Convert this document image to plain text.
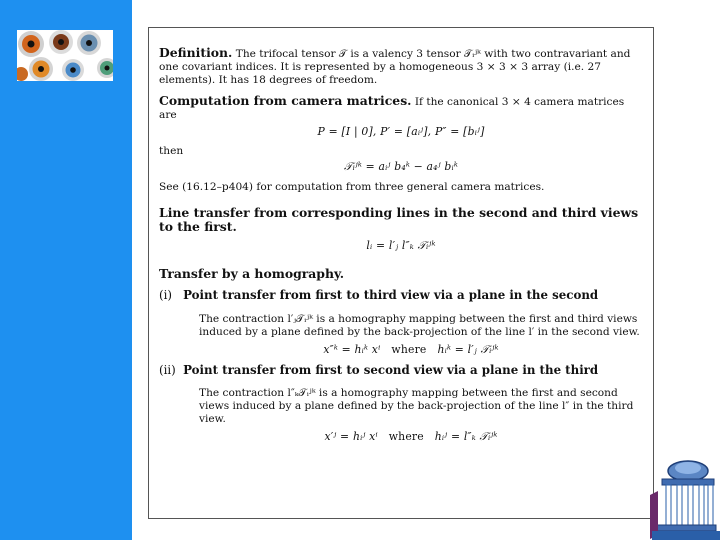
Definition. The trifocal tensor 𝒯 is a valency 3 tensor 𝒯ᵢʲᵏ with two contravariant and one covariant indices. It is represented by a homogeneous 3 × 3 × 3 array (i.e. 27 elements). It has 18 degrees of freedom.

Computation from camera matrices. If the canonical 3 × 4 camera matrices are

P = [I | 0], P′ = [aᵢʲ], P″ = [bᵢʲ]

then

𝒯ᵢʲᵏ = aᵢʲ b₄ᵏ − a₄ʲ bᵢᵏ

See (16.12–p404) for computation from three general camera matrices.

Line transfer from corresponding lines in the second and third views to the first.

lᵢ = l′ⱼ l″ₖ 𝒯ᵢʲᵏ

Transfer by a homography.

(i) Point transfer from first to third view via a plane in the second

The contraction l′ⱼ𝒯ᵢʲᵏ is a homography mapping between the first and third views induced by a plane defined by the back-projection of the line l′ in the second view.

x″ᵏ = hᵢᵏ xⁱ where hᵢᵏ = l′ⱼ 𝒯ᵢʲᵏ

(ii) Point transfer from first to second view via a plane in the third

The contraction l″ₖ𝒯ᵢʲᵏ is a homography mapping between the first and second views induced by a plane defined by the back-projection of the line l″ in the third view.

x′ʲ = hᵢʲ xⁱ where hᵢʲ = l″ₖ 𝒯ᵢʲᵏ
